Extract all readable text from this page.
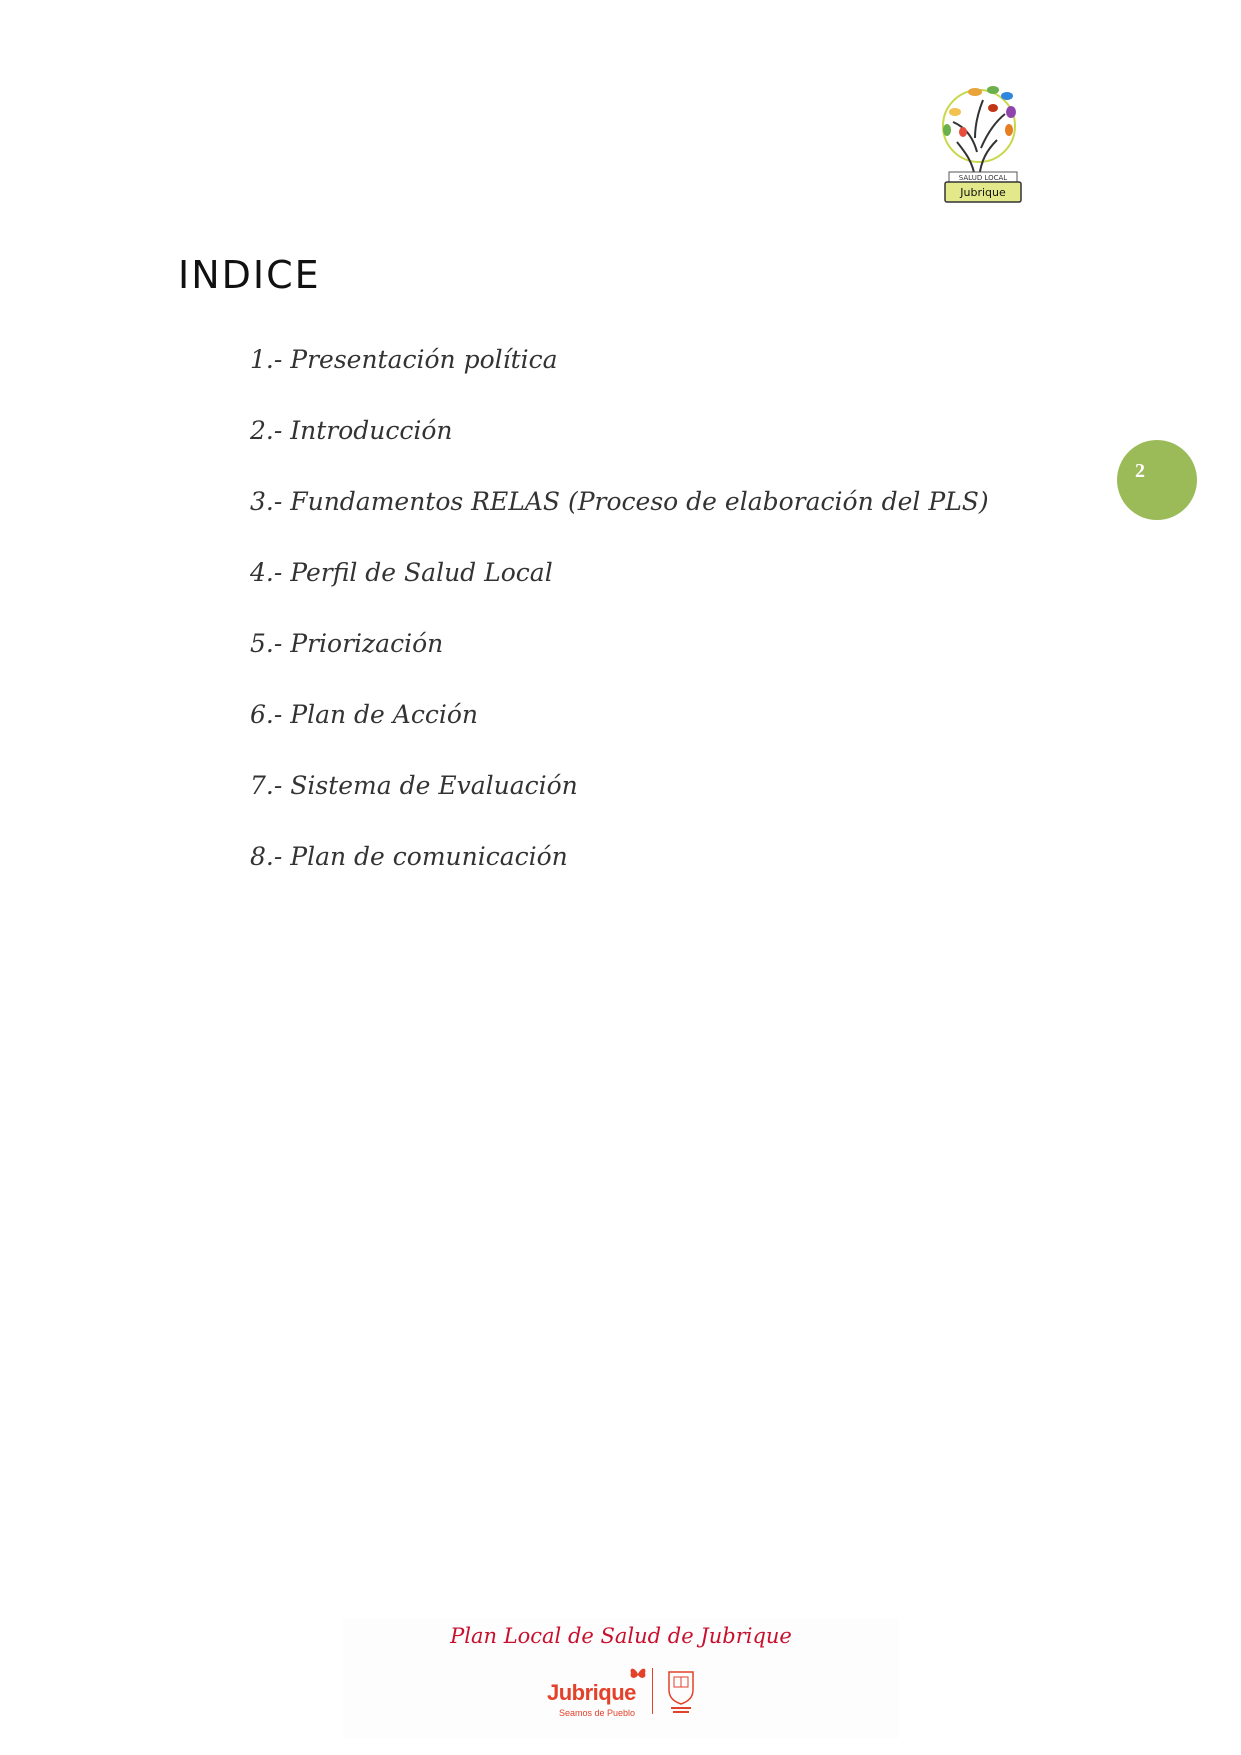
SALUD LOCAL
Jubrique
2
INDICE
1.- Presentación política
2.- Introducción
3.- Fundamentos RELAS (Proceso de elaboración del PLS)
4.- Perfil de Salud Local
5.- Priorización
6.- Plan de Acción
7.- Sistema de Evaluación
8.- Plan de comunicación
Plan Local de Salud de Jubrique
Jubrique
Seamos de Pueblo
